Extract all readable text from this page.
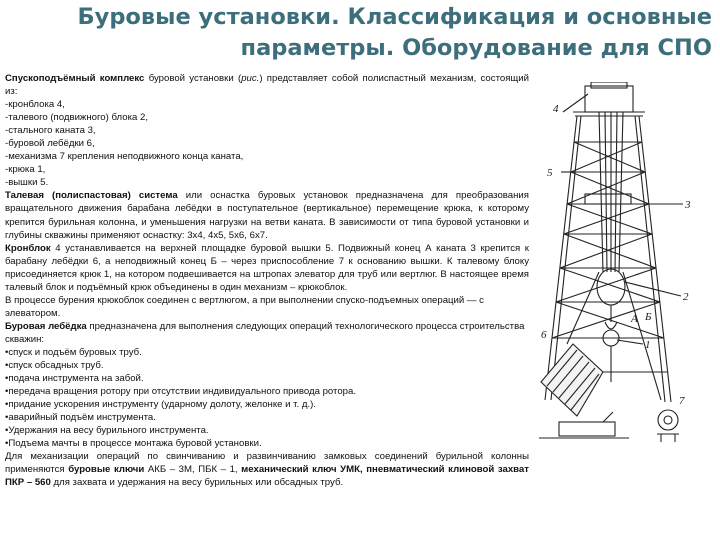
Буровые установки. Классификация и основные
параметры. Оборудование для СПО

Спускоподъёмный комплекс буровой установки (рис.) представляет собой полиспастный механизм, состоящий из:

-кронблока 4,

-талевого (подвижного) блока 2,

-стального каната 3,

-буровой лебёдки 6,

-механизма 7 крепления неподвижного конца каната,

-крюка 1,

-вышки 5.

Талевая (полиспастовая) система или оснастка буровых установок предназначена для преобразования вращательного движения барабана лебёдки в поступательное (вертикальное) перемещение крюка, к которому крепится бурильная колонна, и уменьшения нагрузки на ветви каната. В зависимости от типа буровой установки и глубины скважины применяют оснастку: 3х4, 4х5, 5х6, 6х7.

Кронблок 4 устанавливается на верхней площадке буровой вышки 5. Подвижный конец А каната 3 крепится к барабану лебёдки 6, а неподвижный конец Б – через приспособление 7 к основанию вышки. К талевому блоку присоединяется крюк 1, на котором подвешивается на штропах элеватор для труб или вертлюг. В настоящее время талевый блок и подъёмный крюк объединены в один механизм – крюкоблок.

В процессе бурения крюкоблок соединен с вертлюгом, а при выполнении спуско-подъемных операций — с элеватором.

Буровая лебёдка предназначена для выполнения следующих операций технологического процесса строительства скважин:

•спуск и подъём буровых труб.

•спуск обсадных труб.

•подача инструмента на забой.

•передача вращения ротору при отсутствии индивидуального привода ротора.

•придание ускорения инструменту (ударному долоту, желонке и т. д.).

•аварийный подъём инструмента.

•Удержания на весу бурильного инструмента.

•Подъема мачты в процессе монтажа буровой установки.

Для механизации операций по свинчиванию и развинчиванию замковых соединений бурильной колонны применяются буровые ключи АКБ – 3М, ПБК – 1, механический ключ УМК, пневматический клиновой захват ПКР – 560 для захвата и удержания на весу бурильных или обсадных труб.

4
5
3
2
А Б
1
6
7
